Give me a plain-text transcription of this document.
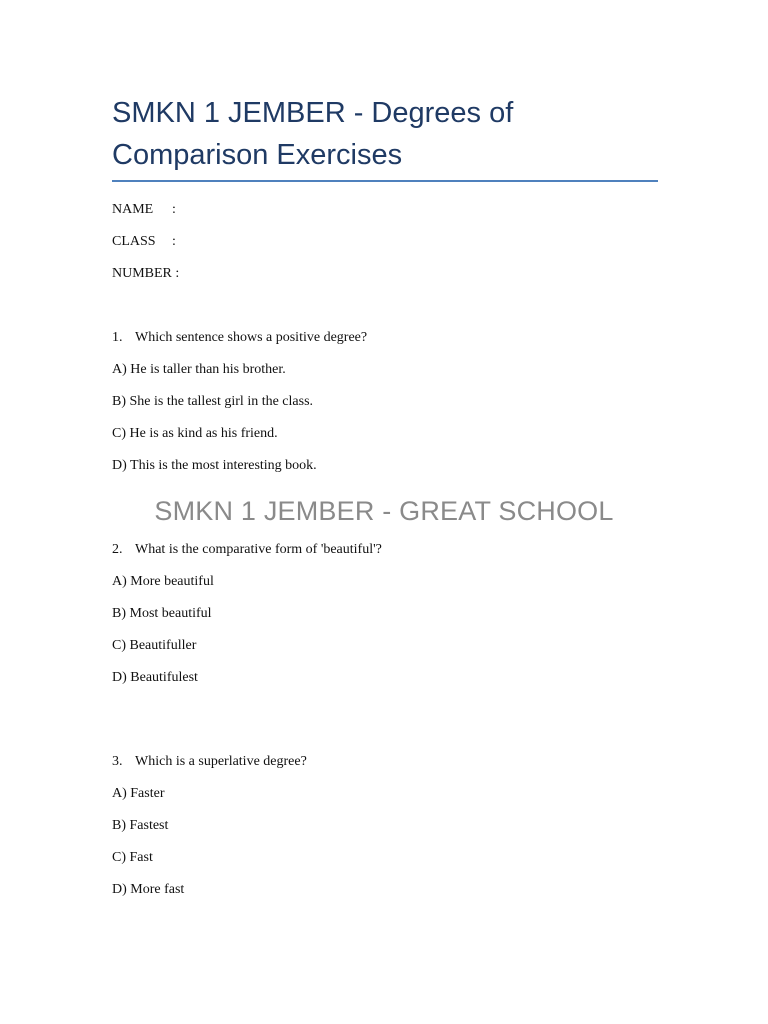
SMKN 1 JEMBER - Degrees of Comparison Exercises
NAME :
CLASS :
NUMBER :
1. Which sentence shows a positive degree?
A) He is taller than his brother.
B) She is the tallest girl in the class.
C) He is as kind as his friend.
D) This is the most interesting book.
SMKN 1 JEMBER - GREAT SCHOOL
2. What is the comparative form of 'beautiful'?
A) More beautiful
B) Most beautiful
C) Beautifuller
D) Beautifulest
3. Which is a superlative degree?
A) Faster
B) Fastest
C) Fast
D) More fast
